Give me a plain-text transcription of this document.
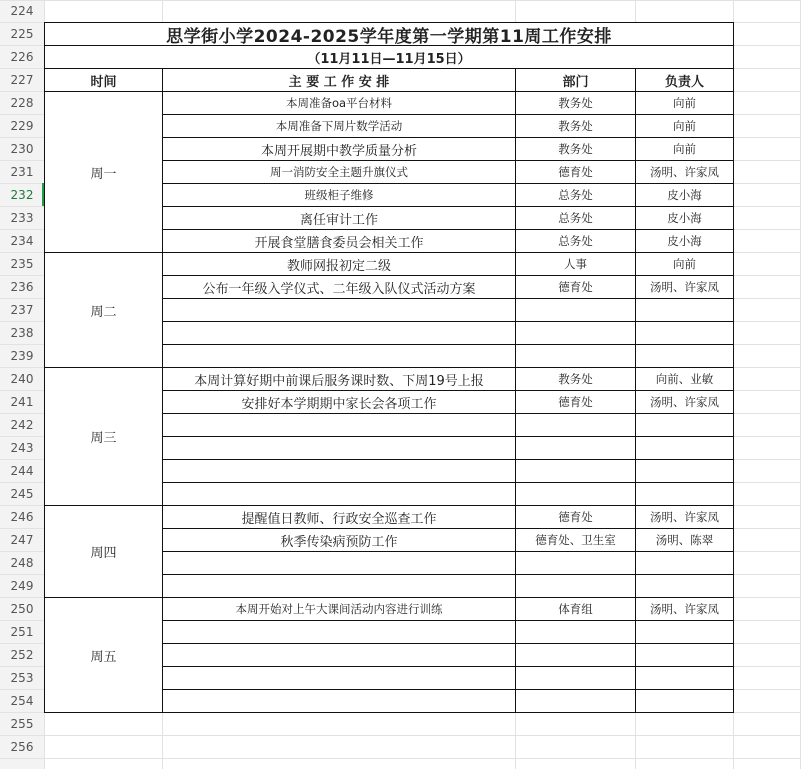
224
225
226
227
228
229
230
231
232
233
234
235
236
237
238
239
240
241
242
243
244
245
246
247
248
249
250
251
252
253
254
255
256
思学街小学2024-2025学年度第一学期第11周工作安排
（11月11日—11月15日）
时间	主 要 工 作 安 排	部门	负责人
周一
本周准备oa平台材料	教务处	向前
本周准备下周片数学活动	教务处	向前
本周开展期中教学质量分析	教务处	向前
周一消防安全主题升旗仪式	德育处	汤明、许家凤
班级柜子维修	总务处	皮小海
离任审计工作	总务处	皮小海
开展食堂膳食委员会相关工作	总务处	皮小海
周二
教师网报初定二级	人事	向前
公布一年级入学仪式、二年级入队仪式活动方案	德育处	汤明、许家凤
周三
本周计算好期中前课后服务课时数、下周19号上报	教务处	向前、业敏
安排好本学期期中家长会各项工作	德育处	汤明、许家凤
周四
提醒值日教师、行政安全巡查工作	德育处	汤明、许家凤
秋季传染病预防工作	德育处、卫生室	汤明、陈翠
周五
本周开始对上午大课间活动内容进行训练	体育组	汤明、许家凤
